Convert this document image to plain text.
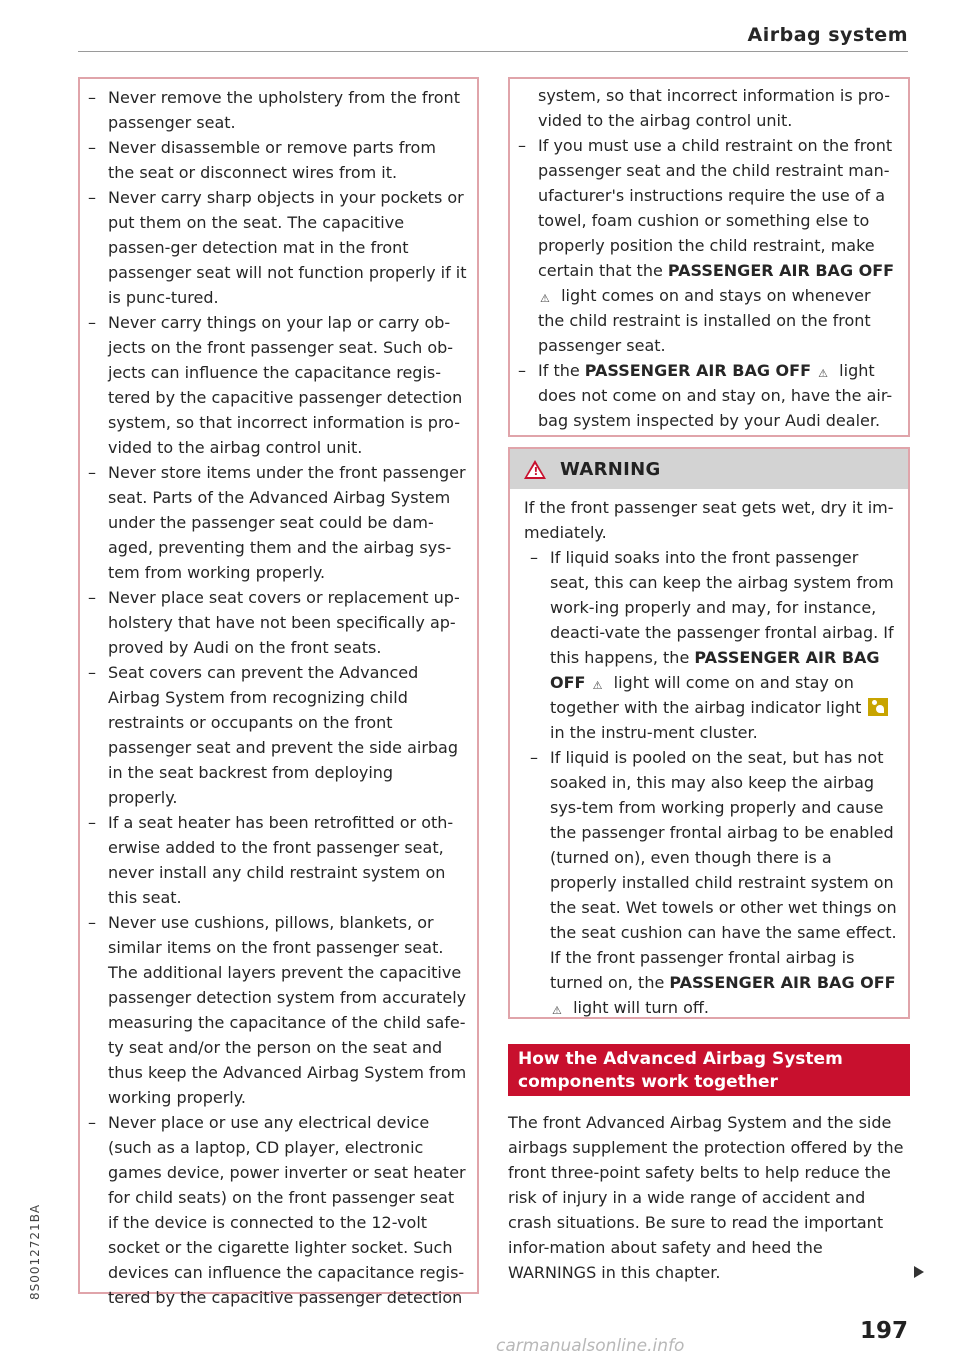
Airbag system
– Never remove the upholstery from the front passenger seat.
– Never disassemble or remove parts from the seat or disconnect wires from it.
– Never carry sharp objects in your pockets or put them on the seat. The capacitive passen-ger detection mat in the front passenger seat will not function properly if it is punc-tured.
– Never carry things on your lap or carry ob-jects on the front passenger seat. Such ob-jects can influence the capacitance regis-tered by the capacitive passenger detection system, so that incorrect information is pro-vided to the airbag control unit.
– Never store items under the front passenger seat. Parts of the Advanced Airbag System under the passenger seat could be dam-aged, preventing them and the airbag sys-tem from working properly.
– Never place seat covers or replacement up-holstery that have not been specifically ap-proved by Audi on the front seats.
– Seat covers can prevent the Advanced Airbag System from recognizing child restraints or occupants on the front passenger seat and prevent the side airbag in the seat backrest from deploying properly.
– If a seat heater has been retrofitted or oth-erwise added to the front passenger seat, never install any child restraint system on this seat.
– Never use cushions, pillows, blankets, or similar items on the front passenger seat. The additional layers prevent the capacitive passenger detection system from accurately measuring the capacitance of the child safe-ty seat and/or the person on the seat and thus keep the Advanced Airbag System from working properly.
– Never place or use any electrical device (such as a laptop, CD player, electronic games device, power inverter or seat heater for child seats) on the front passenger seat if the device is connected to the 12-volt socket or the cigarette lighter socket. Such devices can influence the capacitance regis-tered by the capacitive passenger detection

system, so that incorrect information is pro-vided to the airbag control unit.

– If you must use a child restraint on the front passenger seat and the child restraint man-ufacturer's instructions require the use of a towel, foam cushion or something else to properly position the child restraint, make certain that the PASSENGER AIR BAG OFF ⚠ light comes on and stays on whenever the child restraint is installed on the front passenger seat.
– If the PASSENGER AIR BAG OFF ⚠ light does not come on and stay on, have the air-bag system inspected by your Audi dealer.
! WARNING

If the front passenger seat gets wet, dry it im-mediately.

– If liquid soaks into the front passenger seat, this can keep the airbag system from work-ing properly and may, for instance, deacti-vate the passenger frontal airbag. If this happens, the PASSENGER AIR BAG OFF ⚠ light will come on and stay on together with the airbag indicator light  in the instru-ment cluster.
– If liquid is pooled on the seat, but has not soaked in, this may also keep the airbag sys-tem from working properly and cause the passenger frontal airbag to be enabled (turned on), even though there is a properly installed child restraint system on the seat. Wet towels or other wet things on the seat cushion can have the same effect. If the front passenger frontal airbag is turned on, the PASSENGER AIR BAG OFF ⚠ light will turn off.
How the Advanced Airbag System components work together

The front Advanced Airbag System and the side airbags supplement the protection offered by the front three-point safety belts to help reduce the risk of injury in a wide range of accident and crash situations. Be sure to read the important infor-mation about safety and heed the WARNINGS in this chapter.

197
8S0012721BA
carmanualsonline.info
